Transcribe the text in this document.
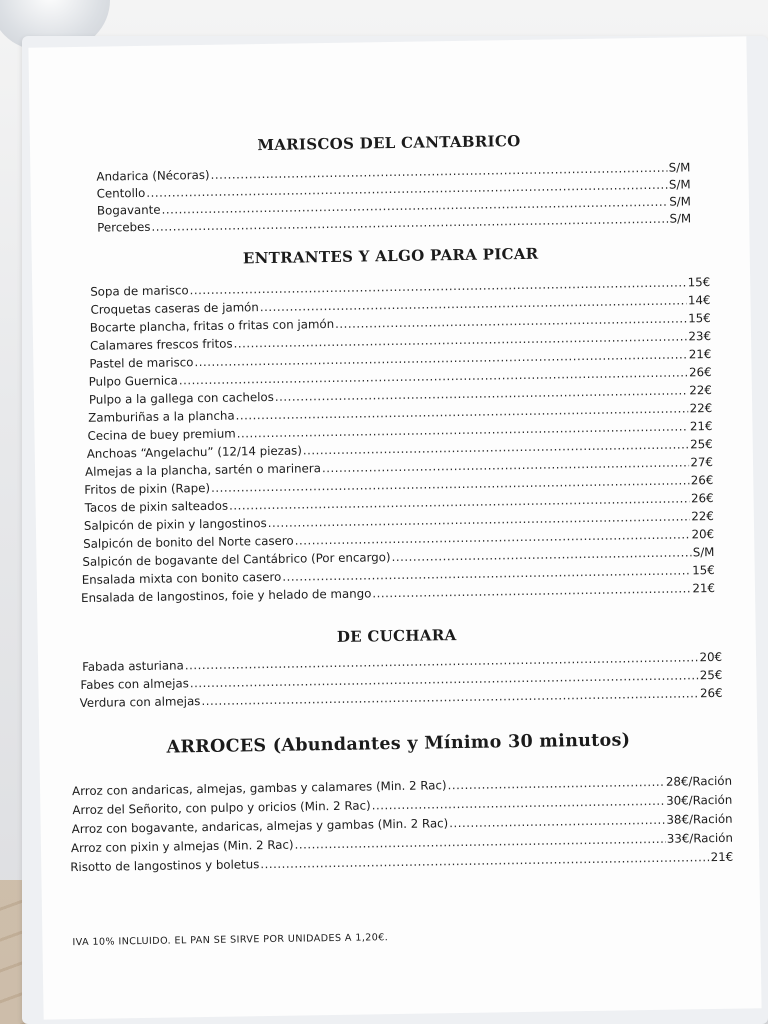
MARISCOS DEL CANTABRICO
Andarica (Nécoras)
.....
S/M
Centollo
.....
S/M
Bogavante
.....
S/M
Percebes
.....
S/M
ENTRANTES Y ALGO PARA PICAR
Sopa de marisco
.....
15€
Croquetas caseras de jamón .....	14€
Bocarte plancha, fritas o fritas con jamón .....	15€
Calamares frescos fritos
.....
23€
Pastel de marisco
.....
21€
Pulpo Guernica
.....
26€
Pulpo a la gallega con cachelos .....	22€
Zamburiñas a la plancha
.....
22€
Cecina de buey premium
.....
21€
Anchoas “Angelachu” (12/14 piezas) .....	25€
Almejas a la plancha, sartén o marinera .....	27€
Fritos de pixin (Rape)
.....
26€
Tacos de pixin salteados
.....
26€
Salpicón de pixin y langostinos .....	22€
Salpicón de bonito del Norte casero .....	20€
Salpicón de bogavante del Cantábrico (Por encargo) .....	S/M
Ensalada mixta con bonito casero .....	15€
Ensalada de langostinos, foie y helado de mango .....	21€
DE CUCHARA
Fabada asturiana
.....
20€
Fabes con almejas
.....
25€
Verdura con almejas
.....
26€
ARROCES (Abundantes y Mínimo 30 minutos)
Arroz con andaricas, almejas, gambas y calamares (Min. 2 Rac) .....	28€/Ración
Arroz del Señorito, con pulpo y oricios (Min. 2 Rac) .....	30€/Ración
Arroz con bogavante, andaricas, almejas y gambas (Min. 2 Rac) .....	38€/Ración
Arroz con pixin y almejas (Min. 2 Rac) .....	33€/Ración
Risotto de langostinos y boletus
.....
21€
IVA 10% INCLUIDO. EL PAN SE SIRVE POR UNIDADES A 1,20€.
